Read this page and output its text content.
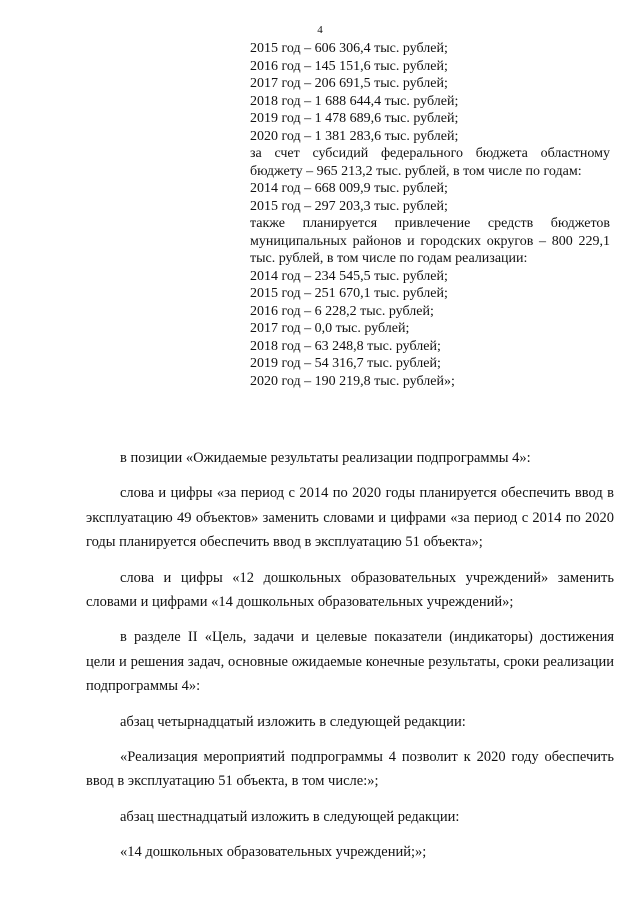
4
2015 год – 606 306,4 тыс. рублей;
2016 год – 145 151,6 тыс. рублей;
2017 год – 206 691,5 тыс. рублей;
2018 год – 1 688 644,4 тыс. рублей;
2019 год – 1 478 689,6 тыс. рублей;
2020 год – 1 381 283,6 тыс. рублей;

за счет субсидий федерального бюджета областному бюджету – 965 213,2 тыс. рублей, в том числе по годам:

2014 год – 668 009,9 тыс. рублей;
2015 год – 297 203,3 тыс. рублей;

также планируется привлечение средств бюджетов муниципальных районов и городских округов – 800 229,1 тыс. рублей, в том числе по годам реализации:

2014 год – 234 545,5 тыс. рублей;
2015 год – 251 670,1 тыс. рублей;
2016 год – 6 228,2 тыс. рублей;
2017 год – 0,0 тыс. рублей;
2018 год – 63 248,8 тыс. рублей;
2019 год – 54 316,7 тыс. рублей;
2020 год – 190 219,8 тыс. рублей»;

в позиции «Ожидаемые результаты реализации подпрограммы 4»:

слова и цифры «за период с 2014 по 2020 годы планируется обеспечить ввод в эксплуатацию 49 объектов» заменить словами и цифрами «за период с 2014 по 2020 годы планируется обеспечить ввод в эксплуатацию 51 объекта»;

слова и цифры «12 дошкольных образовательных учреждений» заменить словами и цифрами «14 дошкольных образовательных учреждений»;

в разделе II «Цель, задачи и целевые показатели (индикаторы) достижения цели и решения задач, основные ожидаемые конечные результаты, сроки реализации подпрограммы 4»:

абзац четырнадцатый изложить в следующей редакции:

«Реализация мероприятий подпрограммы 4 позволит к 2020 году обеспечить ввод в эксплуатацию 51 объекта, в том числе:»;

абзац шестнадцатый изложить в следующей редакции:

«14 дошкольных образовательных учреждений;»;
